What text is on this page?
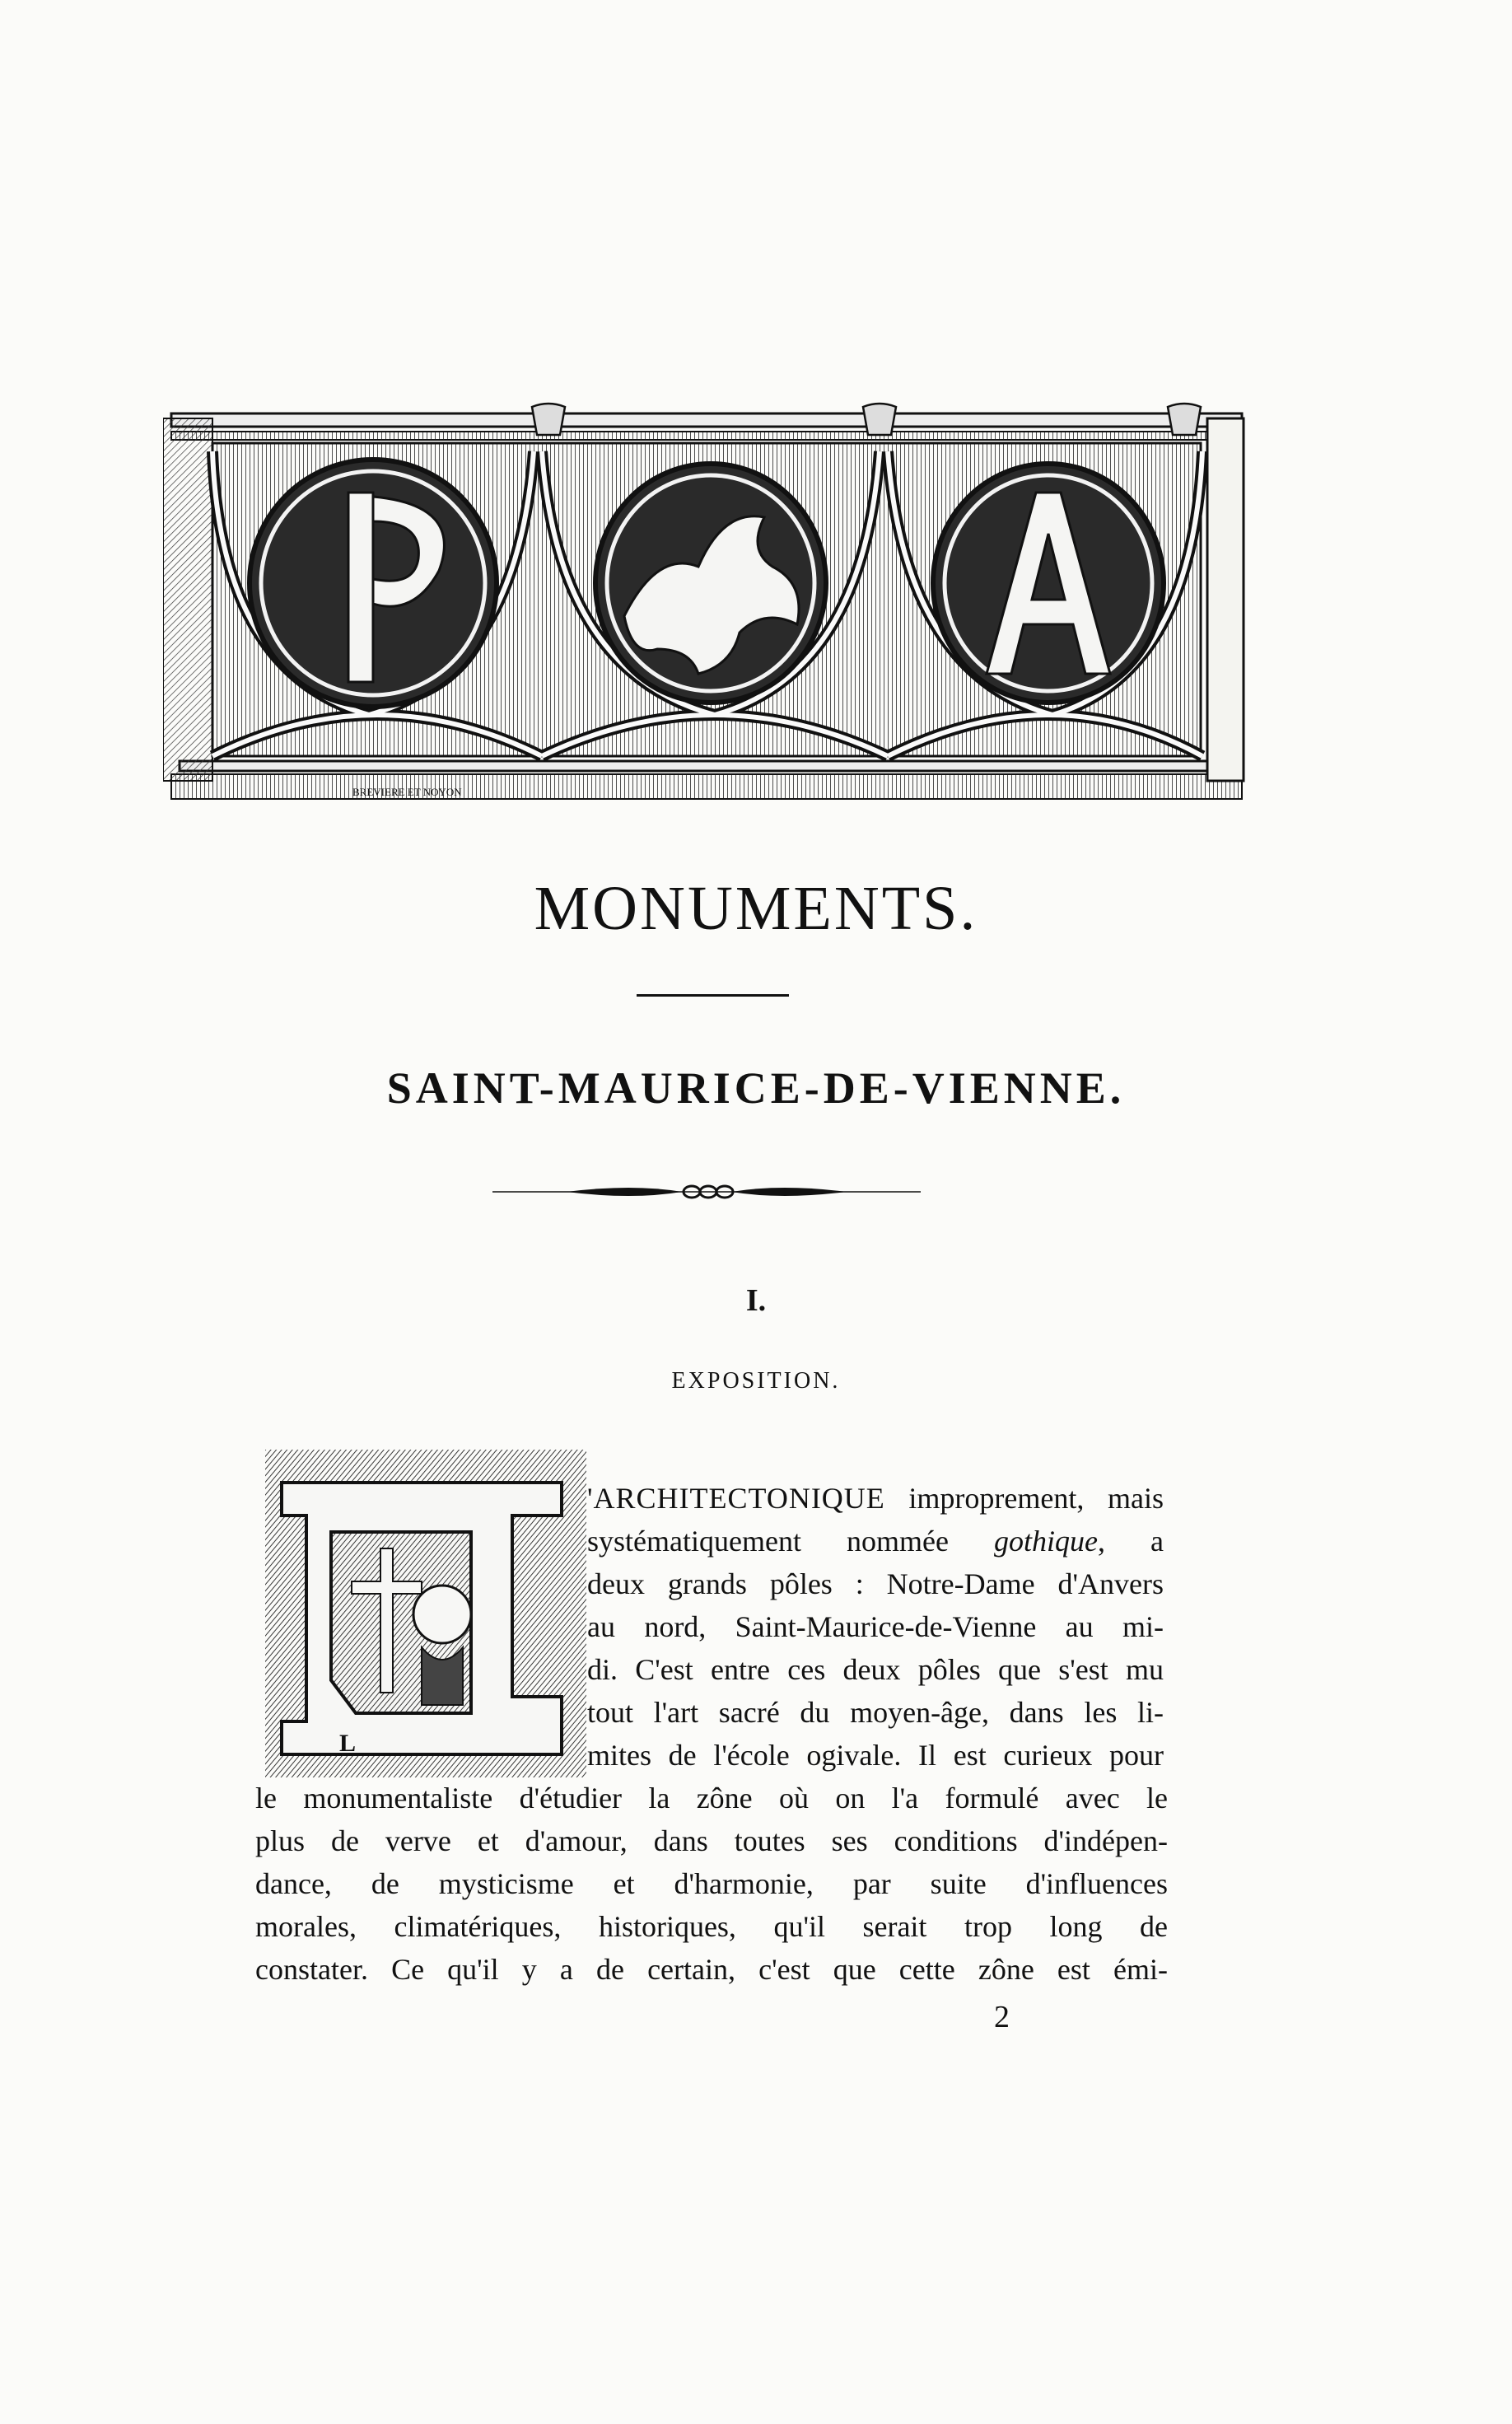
BREVIERE ET NOYON
MONUMENTS.
SAINT-MAURICE-DE-VIENNE.
I.
EXPOSITION.
L

'ARCHITECTONIQUE improprement, mais

systématiquement nommée gothique, a

deux grands pôles : Notre-Dame d'Anvers

au nord, Saint-Maurice-de-Vienne au mi-

di. C'est entre ces deux pôles que s'est mu

tout l'art sacré du moyen-âge, dans les li-

mites de l'école ogivale. Il est curieux pour

le monumentaliste d'étudier la zône où on l'a formulé avec le

plus de verve et d'amour, dans toutes ses conditions d'indépen-

dance, de mysticisme et d'harmonie, par suite d'influences

morales, climatériques, historiques, qu'il serait trop long de

constater. Ce qu'il y a de certain, c'est que cette zône est émi-

2
